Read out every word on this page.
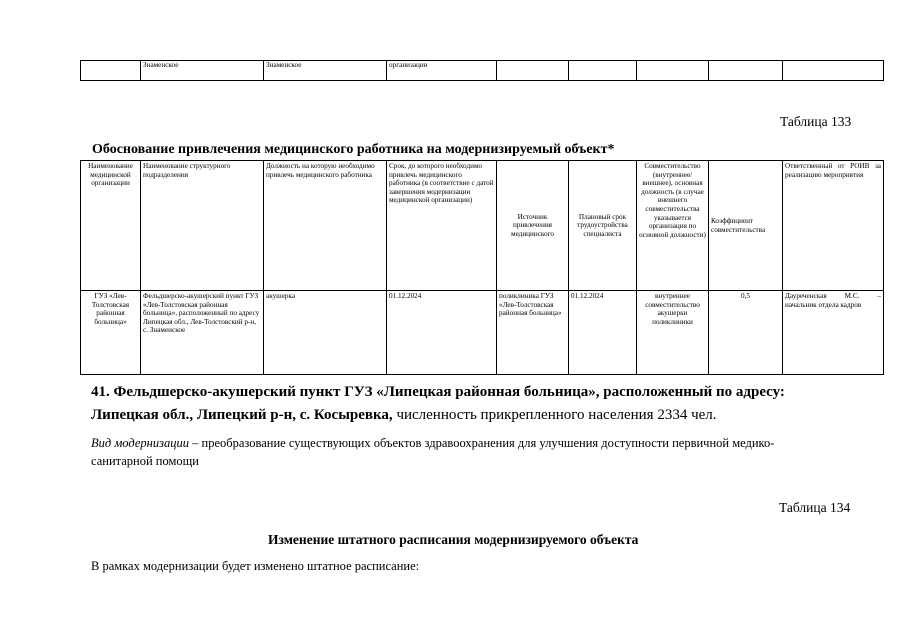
	Знаменское	Знаменское	организации					
Таблица 133
Обоснование привлечения медицинского работника на модернизируемый объект*
Наименование медицинской организации	Наименование структурного подразделения	Должность на которую необходимо привлечь медицинского работника	Срок, до которого необходимо привлечь медицинского работника (в соответствие с датой завершения модернизации медицинской организации)	Источник привлечения медицинского	Плановый срок трудоустройства специалиста	Совместительство (внутреннее/внешнее), основная должность (в случае внешнего совместительства указывается организация по основной должности)	Коэффициент совместительства	Ответственный от РОИВ за реализацию мероприятия
ГУЗ «Лев-Толстовская районная больница»	Фельдшерско-акушерский пункт ГУЗ «Лев-Толстовская районная больница», расположенный по адресу Липецкая обл., Лев-Толстовский р-н, с. Знаменское	акушерка	01.12.2024	поликлиника ГУЗ «Лев-Толстовская районная больница»	01.12.2024	внутреннее совместительство акушерки поликлиники	0,5	Дауреченская М.С. – начальник отдела кадров
41. Фельдшерско-акушерский пункт ГУЗ «Липецкая районная больница», расположенный по адресу:
Липецкая обл., Липецкий р-н, с. Косыревка, численность прикрепленного населения 2334 чел.
Вид модернизации – преобразование существующих объектов здравоохранения для улучшения доступности первичной медико-
санитарной помощи
Таблица 134
Изменение штатного расписания модернизируемого объекта
В рамках модернизации будет изменено штатное расписание:
